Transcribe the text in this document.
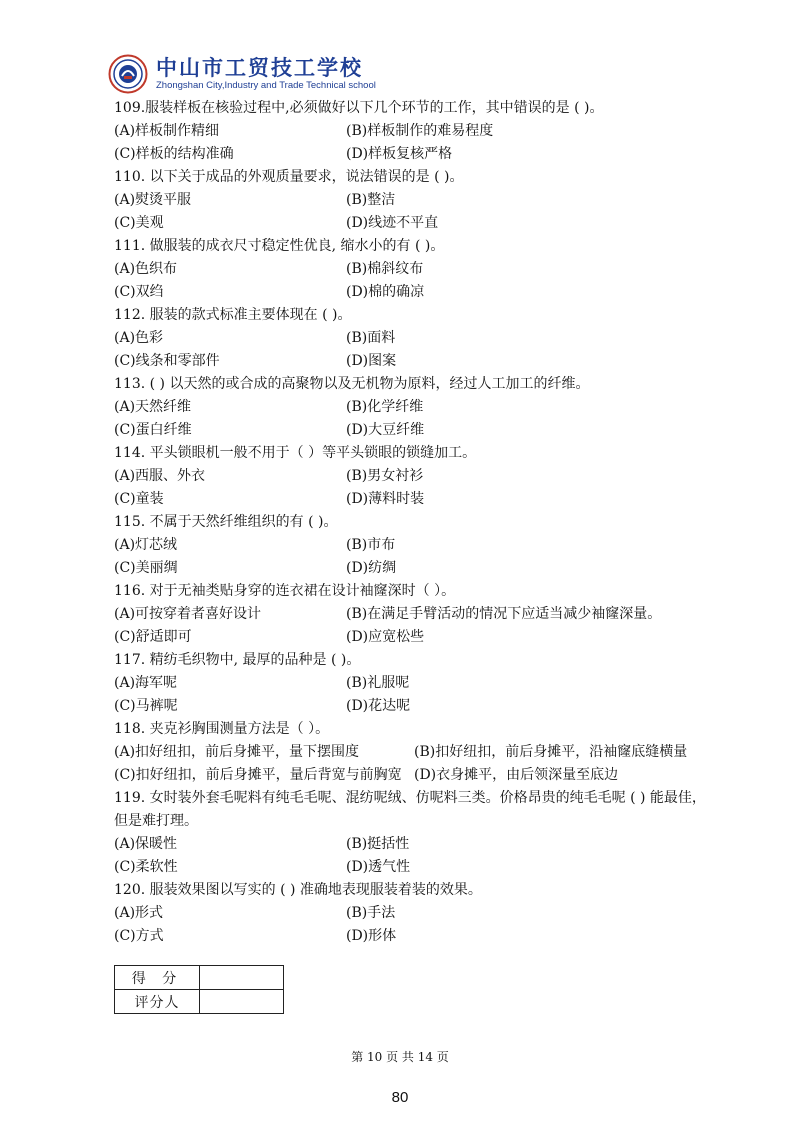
中山市工贸技工学校
Zhongshan City,Industry and Trade Technical school
109.服装样板在核验过程中,必须做好以下几个环节的工作，其中错误的是 ( )。
(A)样板制作精细	(B)样板制作的难易程度
(C)样板的结构准确	(D)样板复核严格
110. 以下关于成品的外观质量要求，说法错误的是 ( )。
(A)熨烫平服	(B)整洁
(C)美观	(D)线迹不平直
111. 做服装的成衣尺寸稳定性优良, 缩水小的有 ( )。
(A)色织布	(B)棉斜纹布
(C)双绉	(D)棉的确凉
112. 服装的款式标准主要体现在 ( )。
(A)色彩	(B)面料
(C)线条和零部件	(D)图案
113. ( ) 以天然的或合成的高聚物以及无机物为原料，经过人工加工的纤维。
(A)天然纤维	(B)化学纤维
(C)蛋白纤维	(D)大豆纤维
114. 平头锁眼机一般不用于（ ）等平头锁眼的锁缝加工。
(A)西服、外衣	(B)男女衬衫
(C)童装	(D)薄料时装
115. 不属于天然纤维组织的有 ( )。
(A)灯芯绒	(B)市布
(C)美丽绸	(D)纺绸
116. 对于无袖类贴身穿的连衣裙在设计袖窿深时（ ）。
(A)可按穿着者喜好设计	(B)在满足手臂活动的情况下应适当减少袖窿深量。
(C)舒适即可	(D)应宽松些
117. 精纺毛织物中, 最厚的品种是 ( )。
(A)海军呢	(B)礼服呢
(C)马裤呢	(D)花达呢
118. 夹克衫胸围测量方法是（ ）。
(A)扣好纽扣，前后身摊平，量下摆围度	(B)扣好纽扣，前后身摊平，沿袖窿底缝横量
(C)扣好纽扣，前后身摊平，量后背宽与前胸宽 (D)衣身摊平，由后领深量至底边
119. 女时装外套毛呢料有纯毛毛呢、混纺呢绒、仿呢料三类。价格昂贵的纯毛毛呢 ( ) 能最佳，
但是难打理。
(A)保暖性	(B)挺括性
(C)柔软性	(D)透气性
120. 服装效果图以写实的 ( ) 准确地表现服装着装的效果。
(A)形式	(B)手法
(C)方式	(D)形体
得 分	
评分人	
第 10 页 共 14 页
80
